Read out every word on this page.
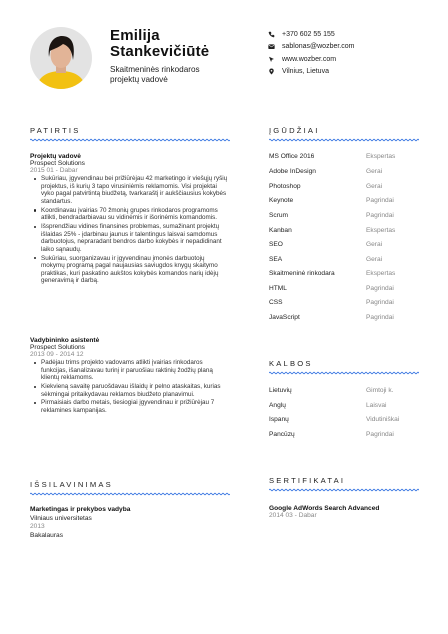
Emilija
Stankevičiūtė
Skaitmeninės rinkodaros projektų vadovė
+370 602 55 155
sablonas@wozber.com
www.wozber.com
Vilnius, Lietuva
PATIRTIS
Projektų vadovė
Prospect Solutions
2015 01 - Dabar
Sukūriau, įgyvendinau bei prižiūrėjau 42 marketingo ir viešųjų ryšių projektus, iš kurių 3 tapo virusiniėmis reklamomis. Visi projektai vyko pagal patvirtintą biudžetą, tvarkaraštį ir aukščiausius kokybės standartus.
Koordinavau įvairias 70 žmonių grupes rinkodaros programoms atlikti, bendradarbiavau su vidinėmis ir išorinėmis komandomis.
Išsprendžiau vidines finansines problemas, sumažinant projektų išlaidas 25% - įdarbinau jaunus ir talentingus laisvai samdomus darbuotojus, nepraradant bendros darbo kokybės ir nepadidinant laiko sąnaudų.
Sukūriau, suorganizavau ir įgyvendinau įmonės darbuotojų mokymų programą pagal naujausias saviugdos knygų skaitymo praktikas, kuri paskatino aukštos kokybės komandos narių idėjų generavimą ir darbą.
Vadybininko asistentė
Prospect Solutions
2013 09 - 2014 12
Padėjau trims projekto vadovams atlikti įvairias rinkodaros funkcijas, išanalizavau turinį ir paruošiau raktinių žodžių planą klientų reklamoms.
Kiekvieną savaitę paruošdavau išlaidų ir pelno ataskaitas, kurias sėkmingai pritaikydavau reklamos biudžeto planavimui.
Pirmaisiais darbo metais, tiesiogiai įgyvendinau ir prižiūrėjau 7 reklamines kampanijas.
IŠSILAVINIMAS
Marketingas ir prekybos vadyba
Vilniaus universitetas
2013
Bakalauras
ĮGŪDŽIAI
MS Office 2016	Ekspertas
Adobe InDesign	Gerai
Photoshop	Gerai
Keynote	Pagrindai
Scrum	Pagrindai
Kanban	Ekspertas
SEO	Gerai
SEA	Gerai
Skaitmeninė rinkodara	Ekspertas
HTML	Pagrindai
CSS	Pagrindai
JavaScript	Pagrindai
KALBOS
Lietuvių	Gimtoji k.
Anglų	Laisvai
Ispanų	Vidutiniškai
Pancūzų	Pagrindai
SERTIFIKATAI
Google AdWords Search Advanced
2014 03 - Dabar
